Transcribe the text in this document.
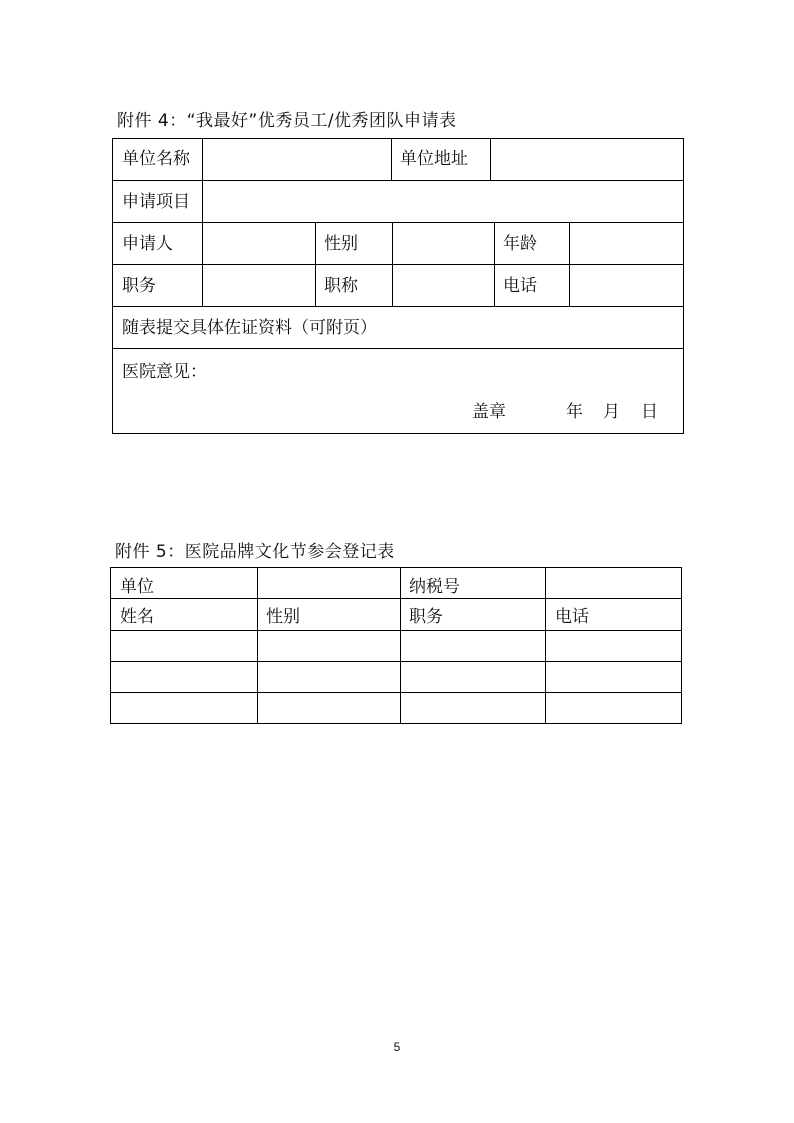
附件 4：“我最好”优秀员工/优秀团队申请表
单位名称	单位地址
申请项目
申请人	性别	年龄
职务	职称	电话
随表提交具体佐证资料（可附页）
医院意见：
盖章	年 月 日
附件 5：医院品牌文化节参会登记表
单位	纳税号
姓名	性别	职务	电话
5
